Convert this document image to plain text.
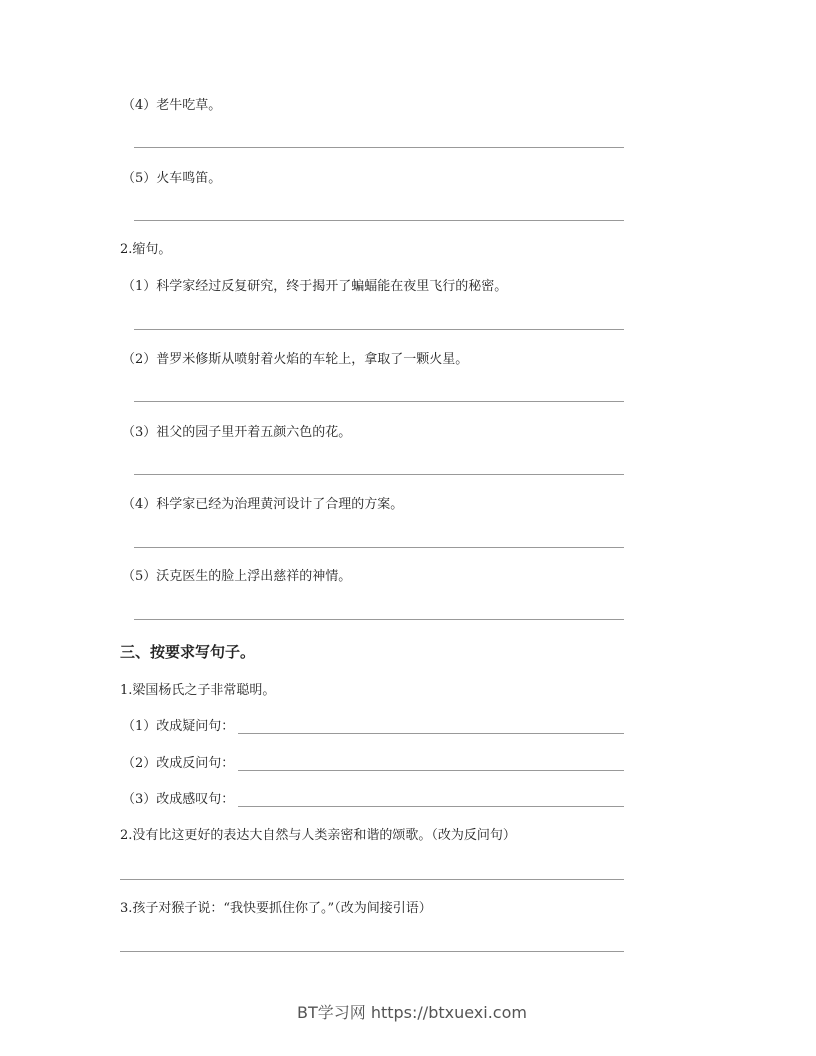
（4）老牛吃草。
（5）火车鸣笛。
2.缩句。
（1）科学家经过反复研究，终于揭开了蝙蝠能在夜里飞行的秘密。
（2）普罗米修斯从喷射着火焰的车轮上，拿取了一颗火星。
（3）祖父的园子里开着五颜六色的花。
（4）科学家已经为治理黄河设计了合理的方案。
（5）沃克医生的脸上浮出慈祥的神情。
三、按要求写句子。
1.梁国杨氏之子非常聪明。
（1）改成疑问句：
（2）改成反问句：
（3）改成感叹句：
2.没有比这更好的表达大自然与人类亲密和谐的颂歌。（改为反问句）
3.孩子对猴子说：“我快要抓住你了。”（改为间接引语）
BT学习网 https://btxuexi.com
